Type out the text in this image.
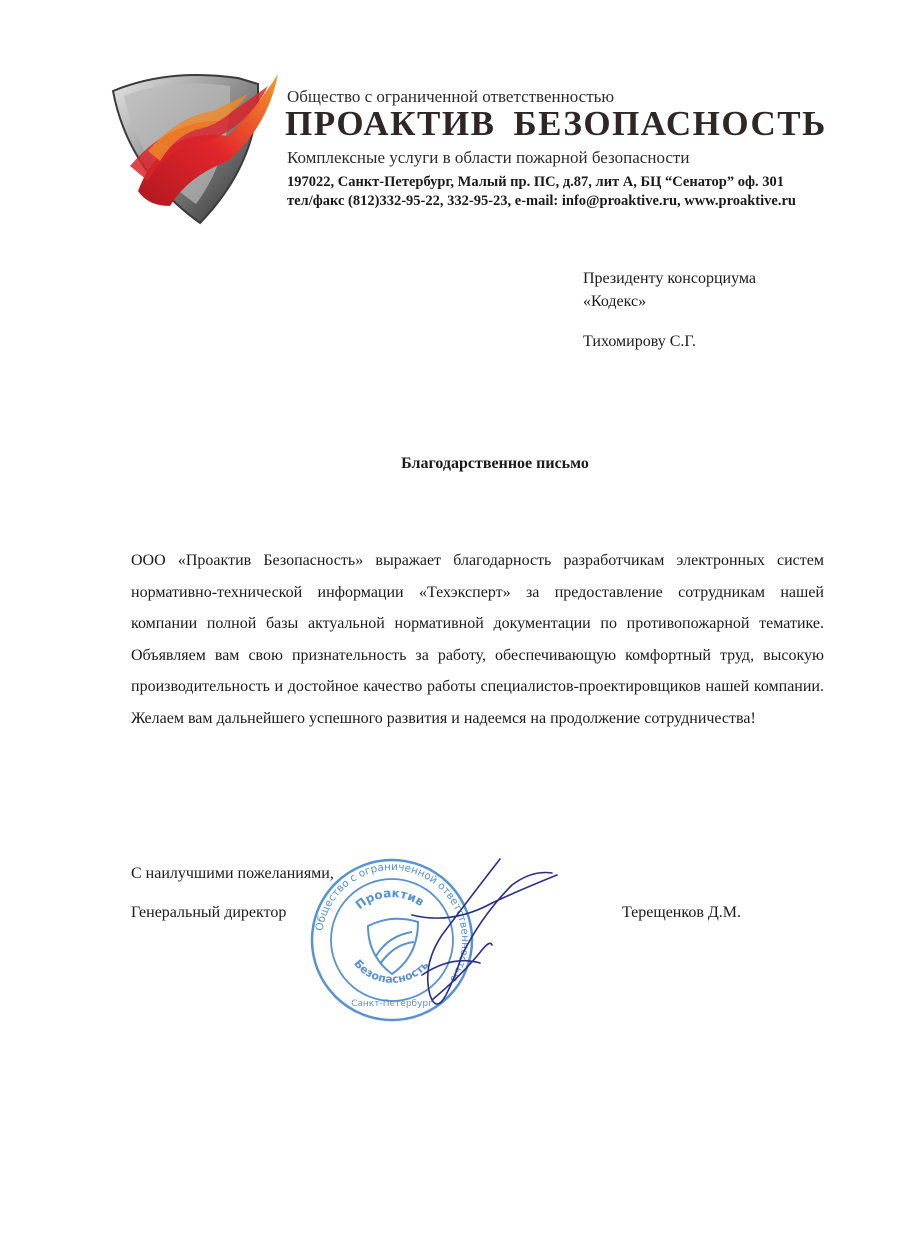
Общество с ограниченной ответственностью
ПРОАКТИВ БЕЗОПАСНОСТЬ
Комплексные услуги в области пожарной безопасности
197022, Санкт-Петербург, Малый пр. ПС, д.87, лит А, БЦ “Сенатор” оф. 301
тел/факс (812)332-95-22, 332-95-23, e-mail: info@proaktive.ru, www.proaktive.ru
Президенту консорциума
«Кодекс»
Тихомирову С.Г.
Благодарственное письмо
ООО «Проактив Безопасность» выражает благодарность разработчикам электронных систем нормативно-технической информации «Техэксперт» за предоставление сотрудникам нашей компании полной базы актуальной нормативной документации по противопожарной тематике. Объявляем вам свою признательность за работу, обеспечивающую комфортный труд, высокую производительность и достойное качество работы специалистов-проектировщиков нашей компании. Желаем вам дальнейшего успешного развития и надеемся на продолжение сотрудничества!
С наилучшими пожеланиями,
Генеральный директор	Терещенков Д.М.
Общество с ограниченной ответственностью
Проактив
Безопасность
Санкт-Петербург
